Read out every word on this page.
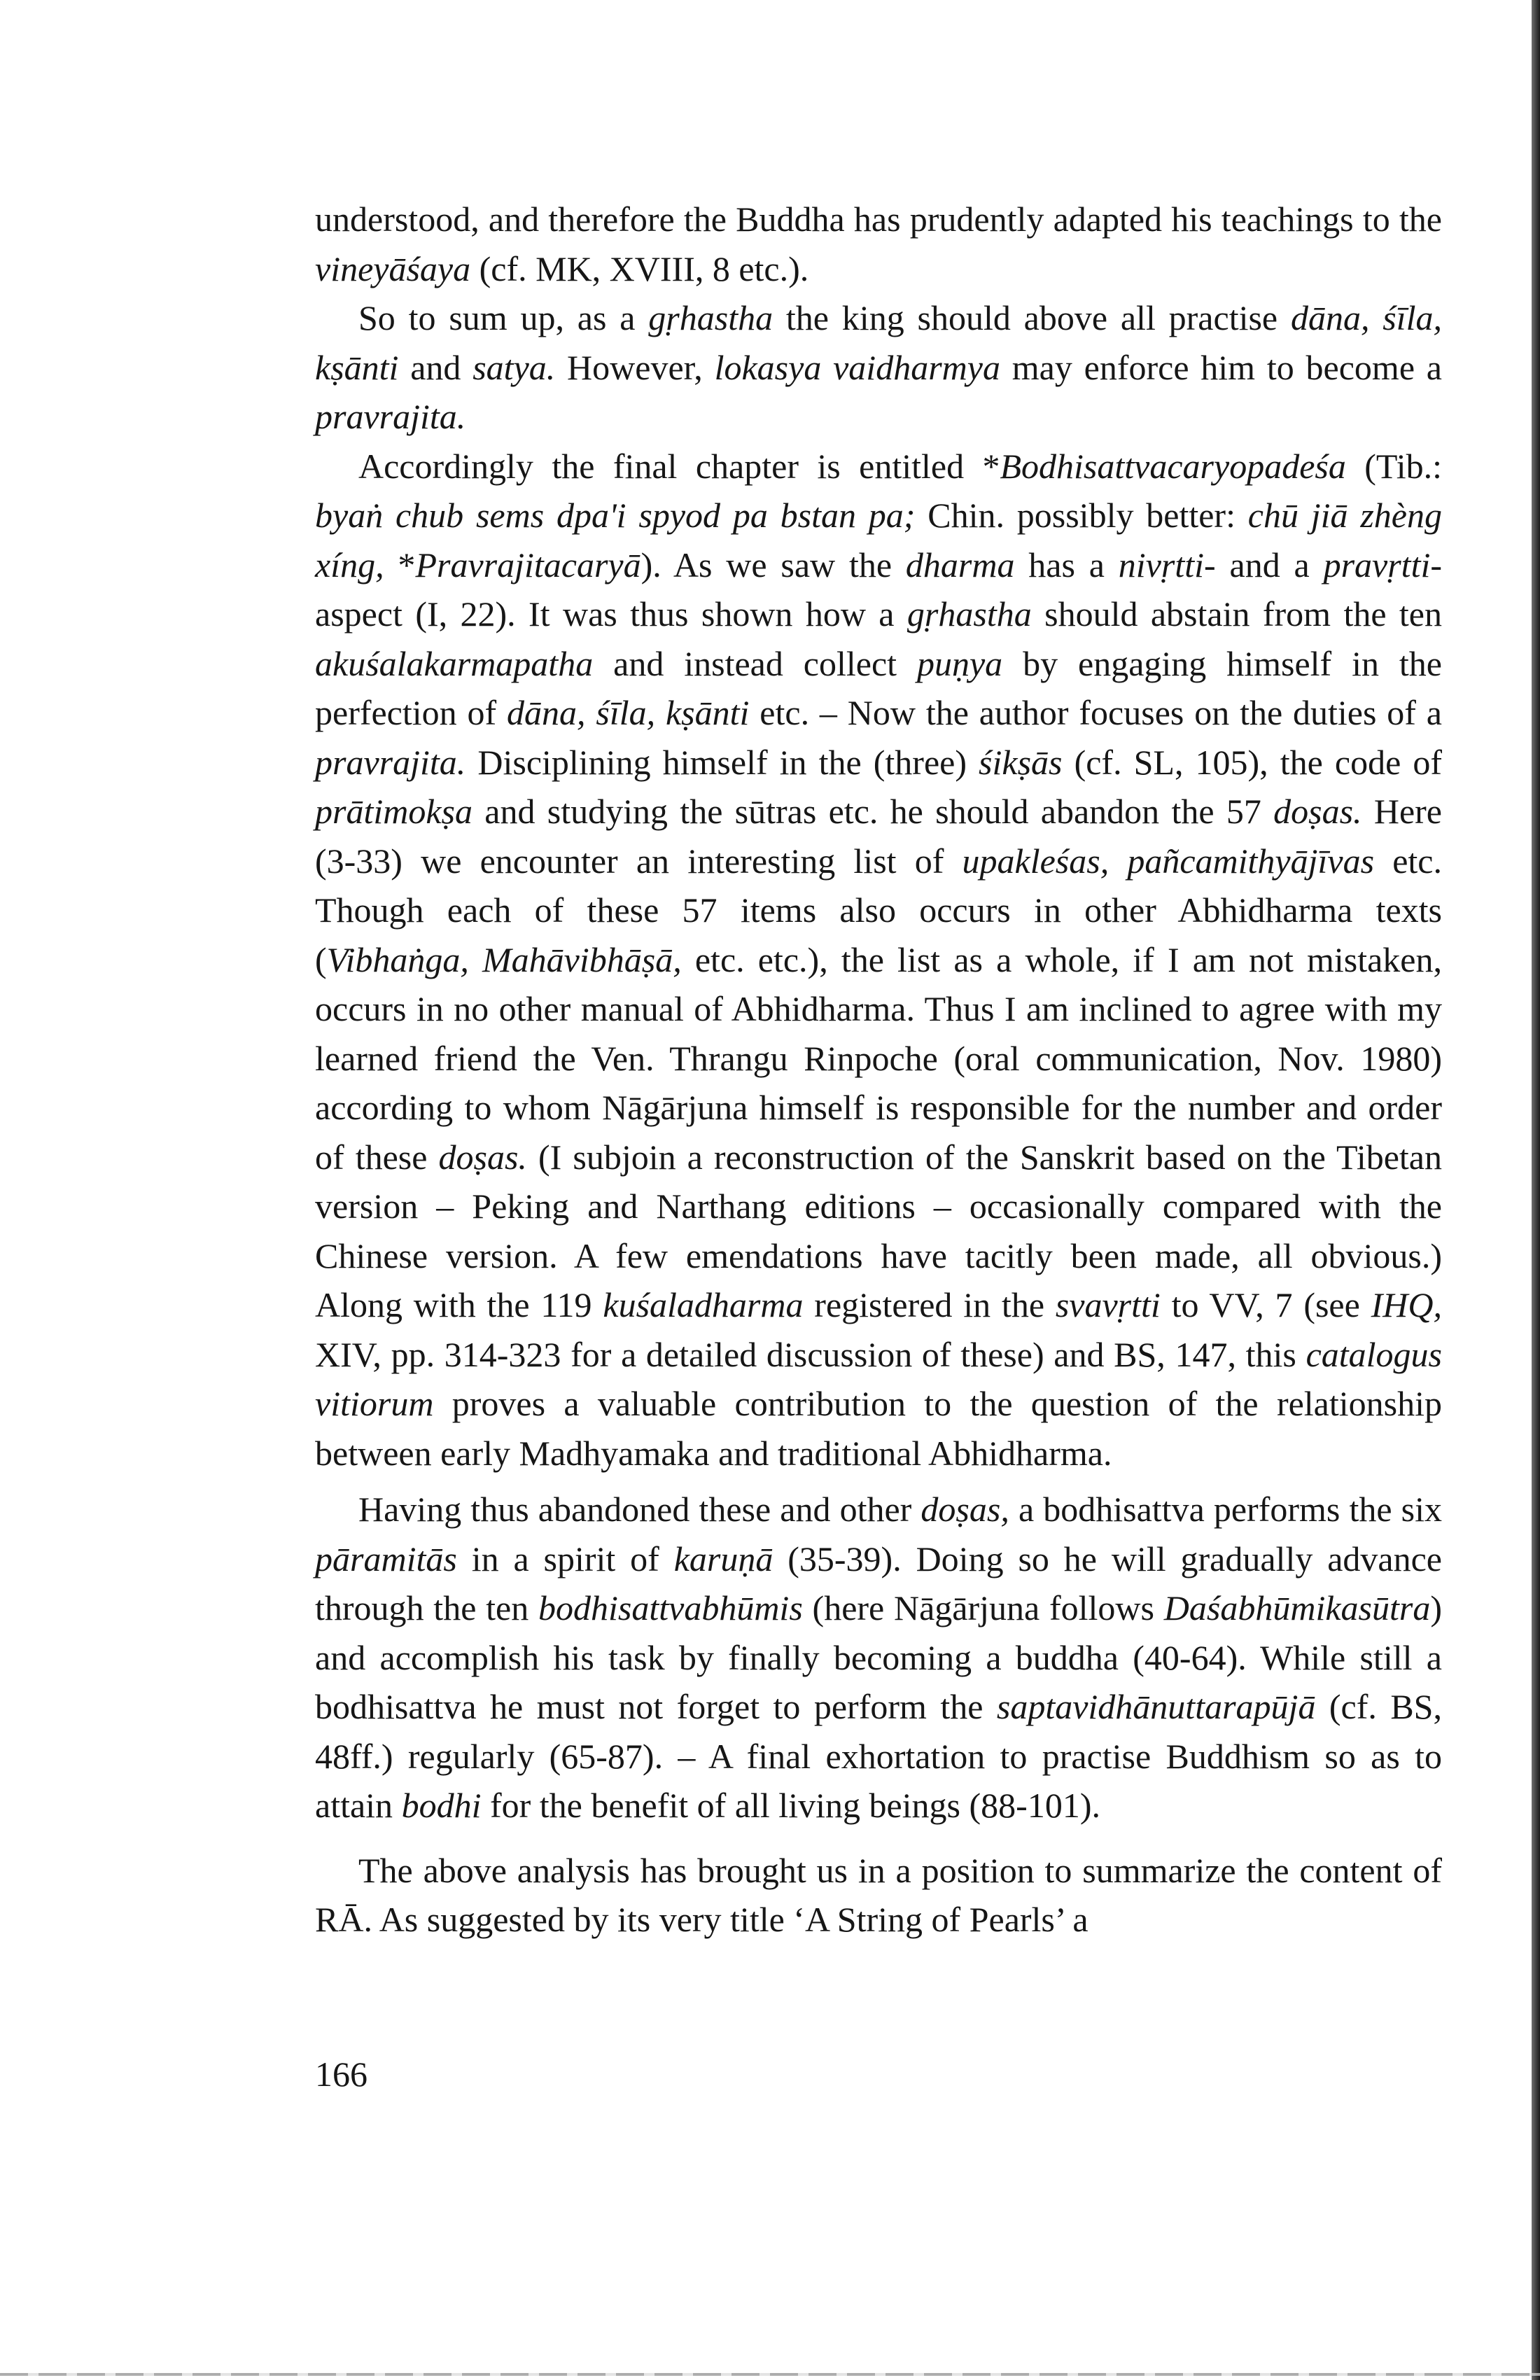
understood, and therefore the Buddha has prudently adapted his teachings to the vineyāśaya (cf. MK, XVIII, 8 etc.).

So to sum up, as a gṛhastha the king should above all practise dāna, śīla, kṣānti and satya. However, lokasya vaidharmya may enforce him to become a pravrajita.

Accordingly the final chapter is entitled *Bodhisattvacaryopadeśa (Tib.: byaṅ chub sems dpa'i spyod pa bstan pa; Chin. possibly better: chū jiā zhèng xíng, *Pravrajitacaryā). As we saw the dharma has a nivṛtti- and a pravṛtti-aspect (I, 22). It was thus shown how a gṛhastha should abstain from the ten akuśalakarmapatha and instead collect puṇya by engaging himself in the perfection of dāna, śīla, kṣānti etc. – Now the author focuses on the duties of a pravrajita. Disciplining himself in the (three) śikṣās (cf. SL, 105), the code of prātimokṣa and studying the sūtras etc. he should abandon the 57 doṣas. Here (3-33) we encounter an interesting list of upakleśas, pañcamithyājīvas etc. Though each of these 57 items also occurs in other Abhidharma texts (Vibhaṅga, Mahāvibhāṣā, etc. etc.), the list as a whole, if I am not mistaken, occurs in no other manual of Abhidharma. Thus I am inclined to agree with my learned friend the Ven. Thrangu Rinpoche (oral communication, Nov. 1980) according to whom Nāgārjuna himself is responsible for the number and order of these doṣas. (I subjoin a reconstruction of the Sanskrit based on the Tibetan version – Peking and Narthang editions – occasionally compared with the Chinese version. A few emendations have tacitly been made, all obvious.) Along with the 119 kuśaladharma registered in the svavṛtti to VV, 7 (see IHQ, XIV, pp. 314-323 for a detailed discussion of these) and BS, 147, this catalogus vitiorum proves a valuable contribution to the question of the relationship between early Madhyamaka and traditional Abhidharma.

Having thus abandoned these and other doṣas, a bodhisattva performs the six pāramitās in a spirit of karuṇā (35-39). Doing so he will gradually advance through the ten bodhisattvabhūmis (here Nāgārjuna follows Daśabhūmikasūtra) and accomplish his task by finally becoming a buddha (40-64). While still a bodhisattva he must not forget to perform the saptavidhānuttarapūjā (cf. BS, 48ff.) regularly (65-87). – A final exhortation to practise Buddhism so as to attain bodhi for the benefit of all living beings (88-101).

The above analysis has brought us in a position to summarize the content of RĀ. As suggested by its very title ‘A String of Pearls’ a

166
